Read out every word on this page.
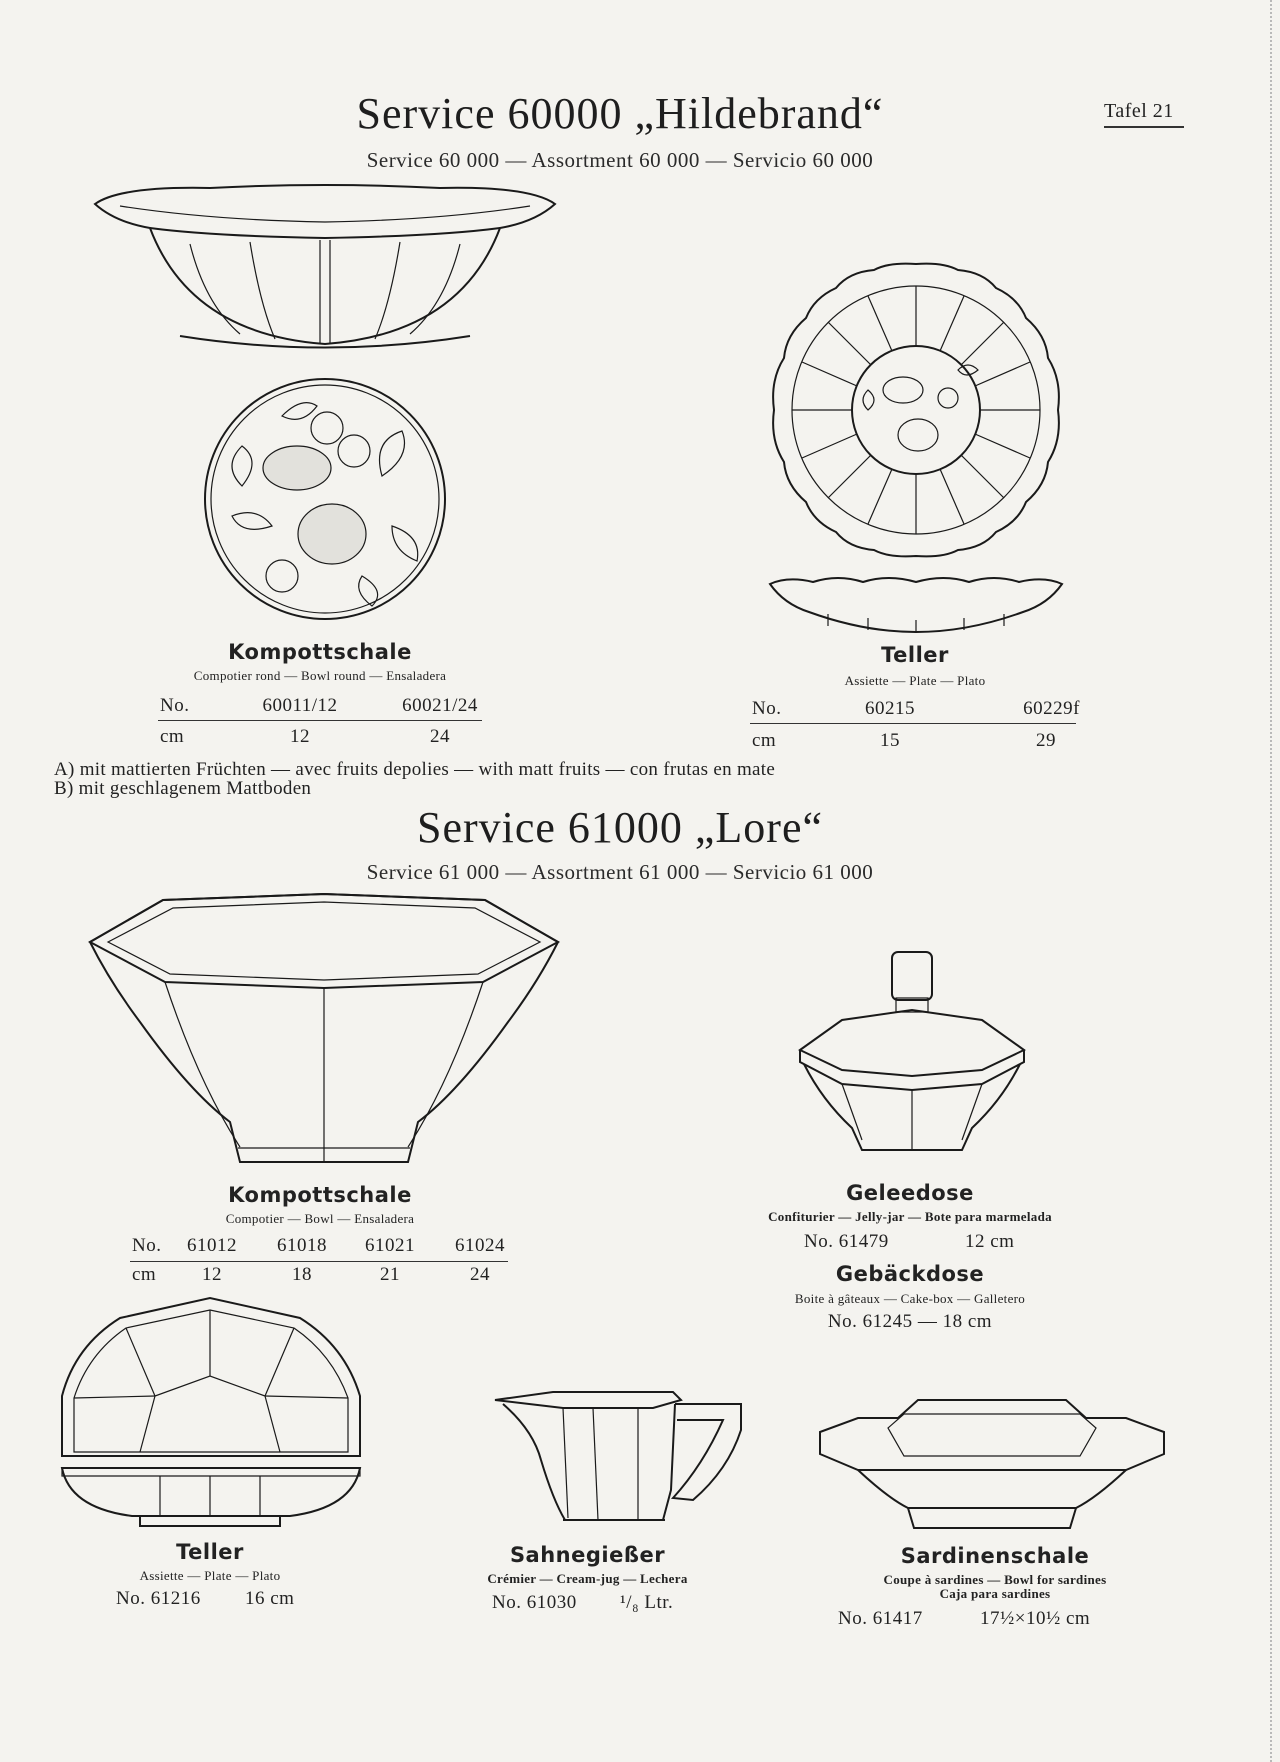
Tafel 21
Service 60000 „Hildebrand“
Service 60 000 — Assortment 60 000 — Servicio 60 000
Kompottschale
Compotier rond — Bowl round — Ensaladera
No.	60011/12	60021/24
cm	12	24
Teller
Assiette — Plate — Plato
No.	60215	60229f
cm	15	29
A) mit mattierten Früchten — avec fruits depolies — with matt fruits — con frutas en mate
B) mit geschlagenem Mattboden
Service 61000 „Lore“
Service 61 000 — Assortment 61 000 — Servicio 61 000
Kompottschale
Compotier — Bowl — Ensaladera
No.	61012	61018	61021	61024
cm	12	18	21	24
Geleedose
Confiturier — Jelly-jar — Bote para marmelada
No. 61479	12 cm
Gebäckdose
Boite à gâteaux — Cake-box — Galletero
No. 61245 — 18 cm
Teller
Assiette — Plate — Plato
No. 61216 16 cm
Sahnegießer
Crémier — Cream-jug — Lechera
No. 61030 ¹/₈ Ltr.
Sardinenschale
Coupe à sardines — Bowl for sardines
Caja para sardines
No. 61417	17½×10½ cm
